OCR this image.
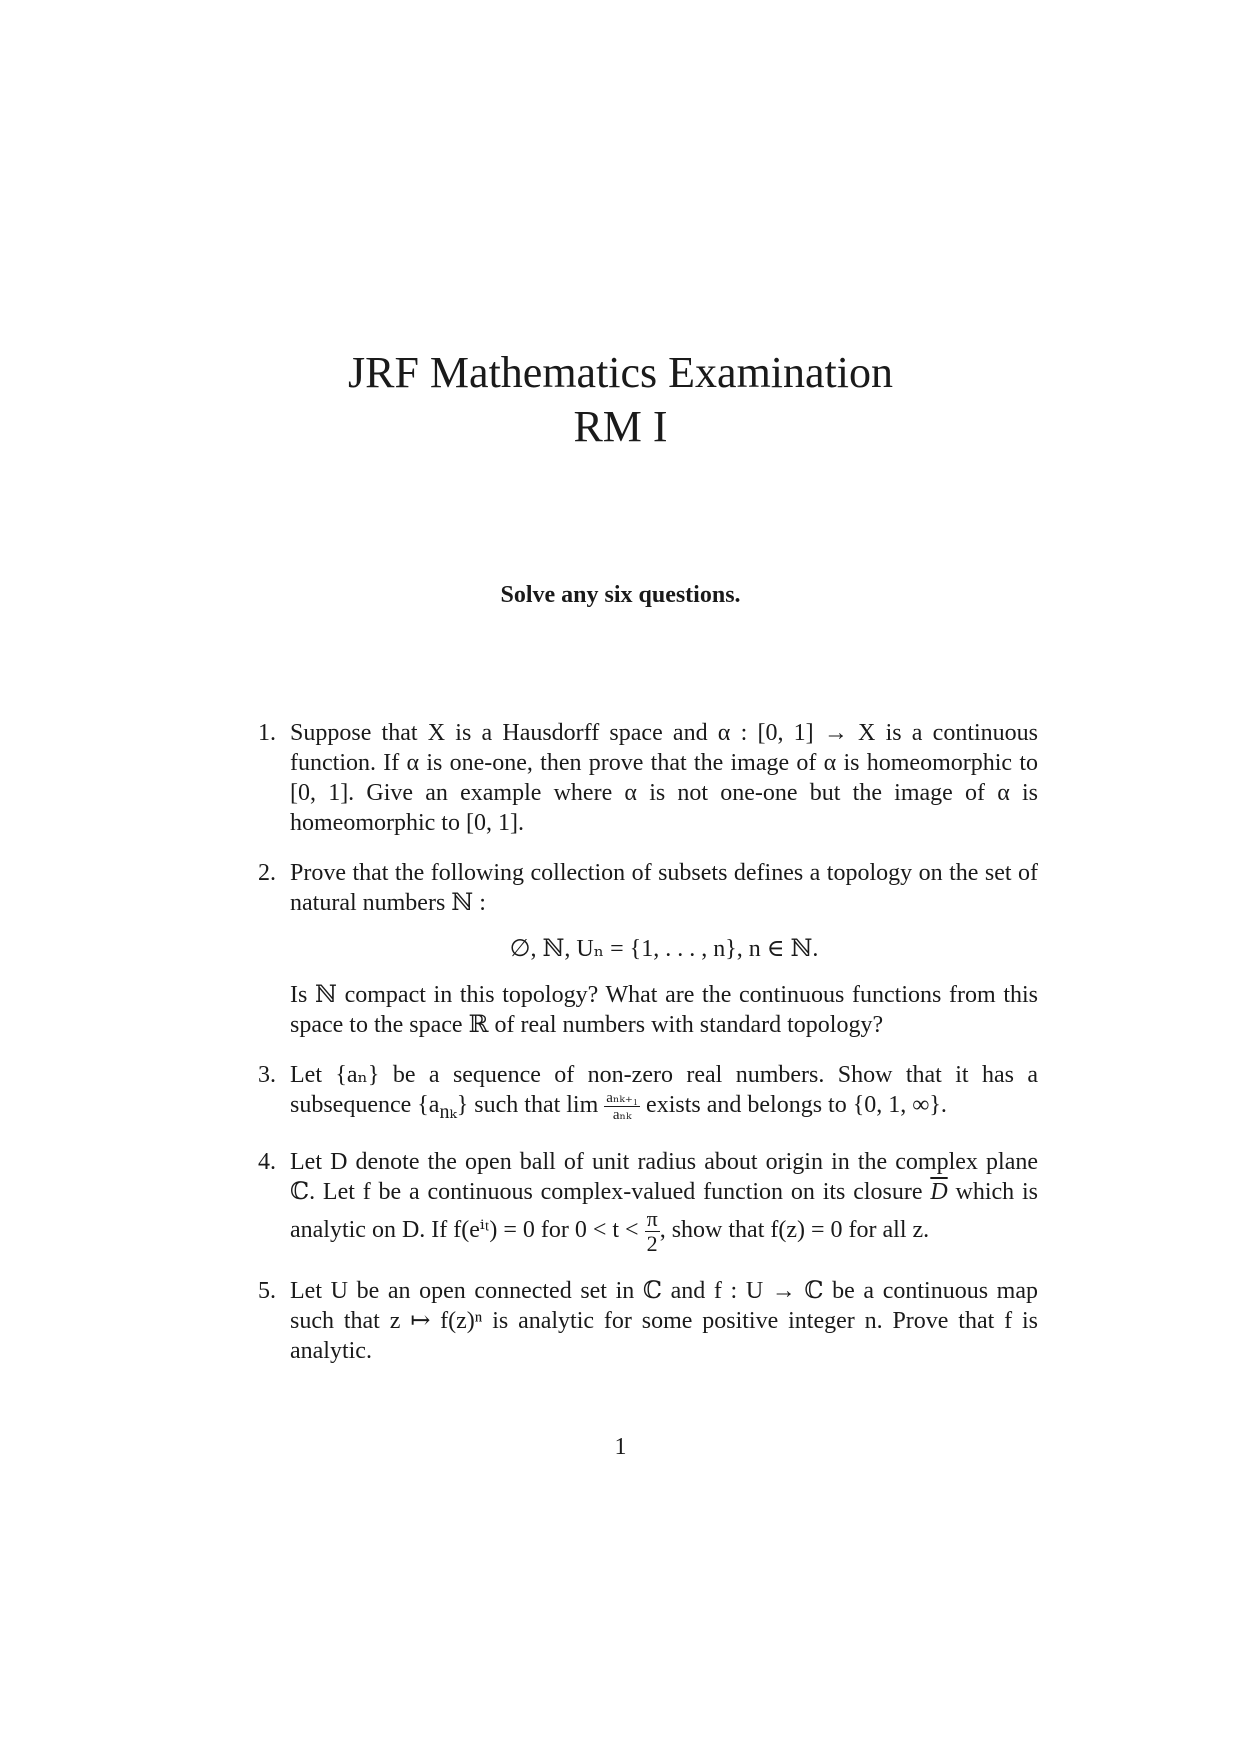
JRF Mathematics Examination
RM I
Solve any six questions.
1. Suppose that X is a Hausdorff space and α : [0, 1] → X is a continuous function. If α is one-one, then prove that the image of α is homeomorphic to [0, 1]. Give an example where α is not one-one but the image of α is homeomorphic to [0, 1].

2. Prove that the following collection of subsets defines a topology on the set of natural numbers ℕ :

∅, ℕ, Uₙ = {1, . . . , n}, n ∈ ℕ.

Is ℕ compact in this topology? What are the continuous functions from this space to the space ℝ of real numbers with standard topology?

3. Let {aₙ} be a sequence of non-zero real numbers. Show that it has a subsequence $\{a_{n_k}\}$ such that $\lim \frac{\text{aₙₖ₊₁}}{\text{aₙₖ}}$ exists and belongs to {0, 1, ∞}.

4. Let D denote the open ball of unit radius about origin in the complex plane ℂ. Let f be a continuous complex-valued function on its closure $\overline{D}$ which is analytic on D. If f(eⁱᵗ) = 0 for $0 < t < \frac{\pi}{2}$ , show that f(z) = 0 for all z.

5. Let U be an open connected set in ℂ and f : U → ℂ be a continuous map such that z ↦ f(z)ⁿ is analytic for some positive integer n. Prove that f is analytic.

1
